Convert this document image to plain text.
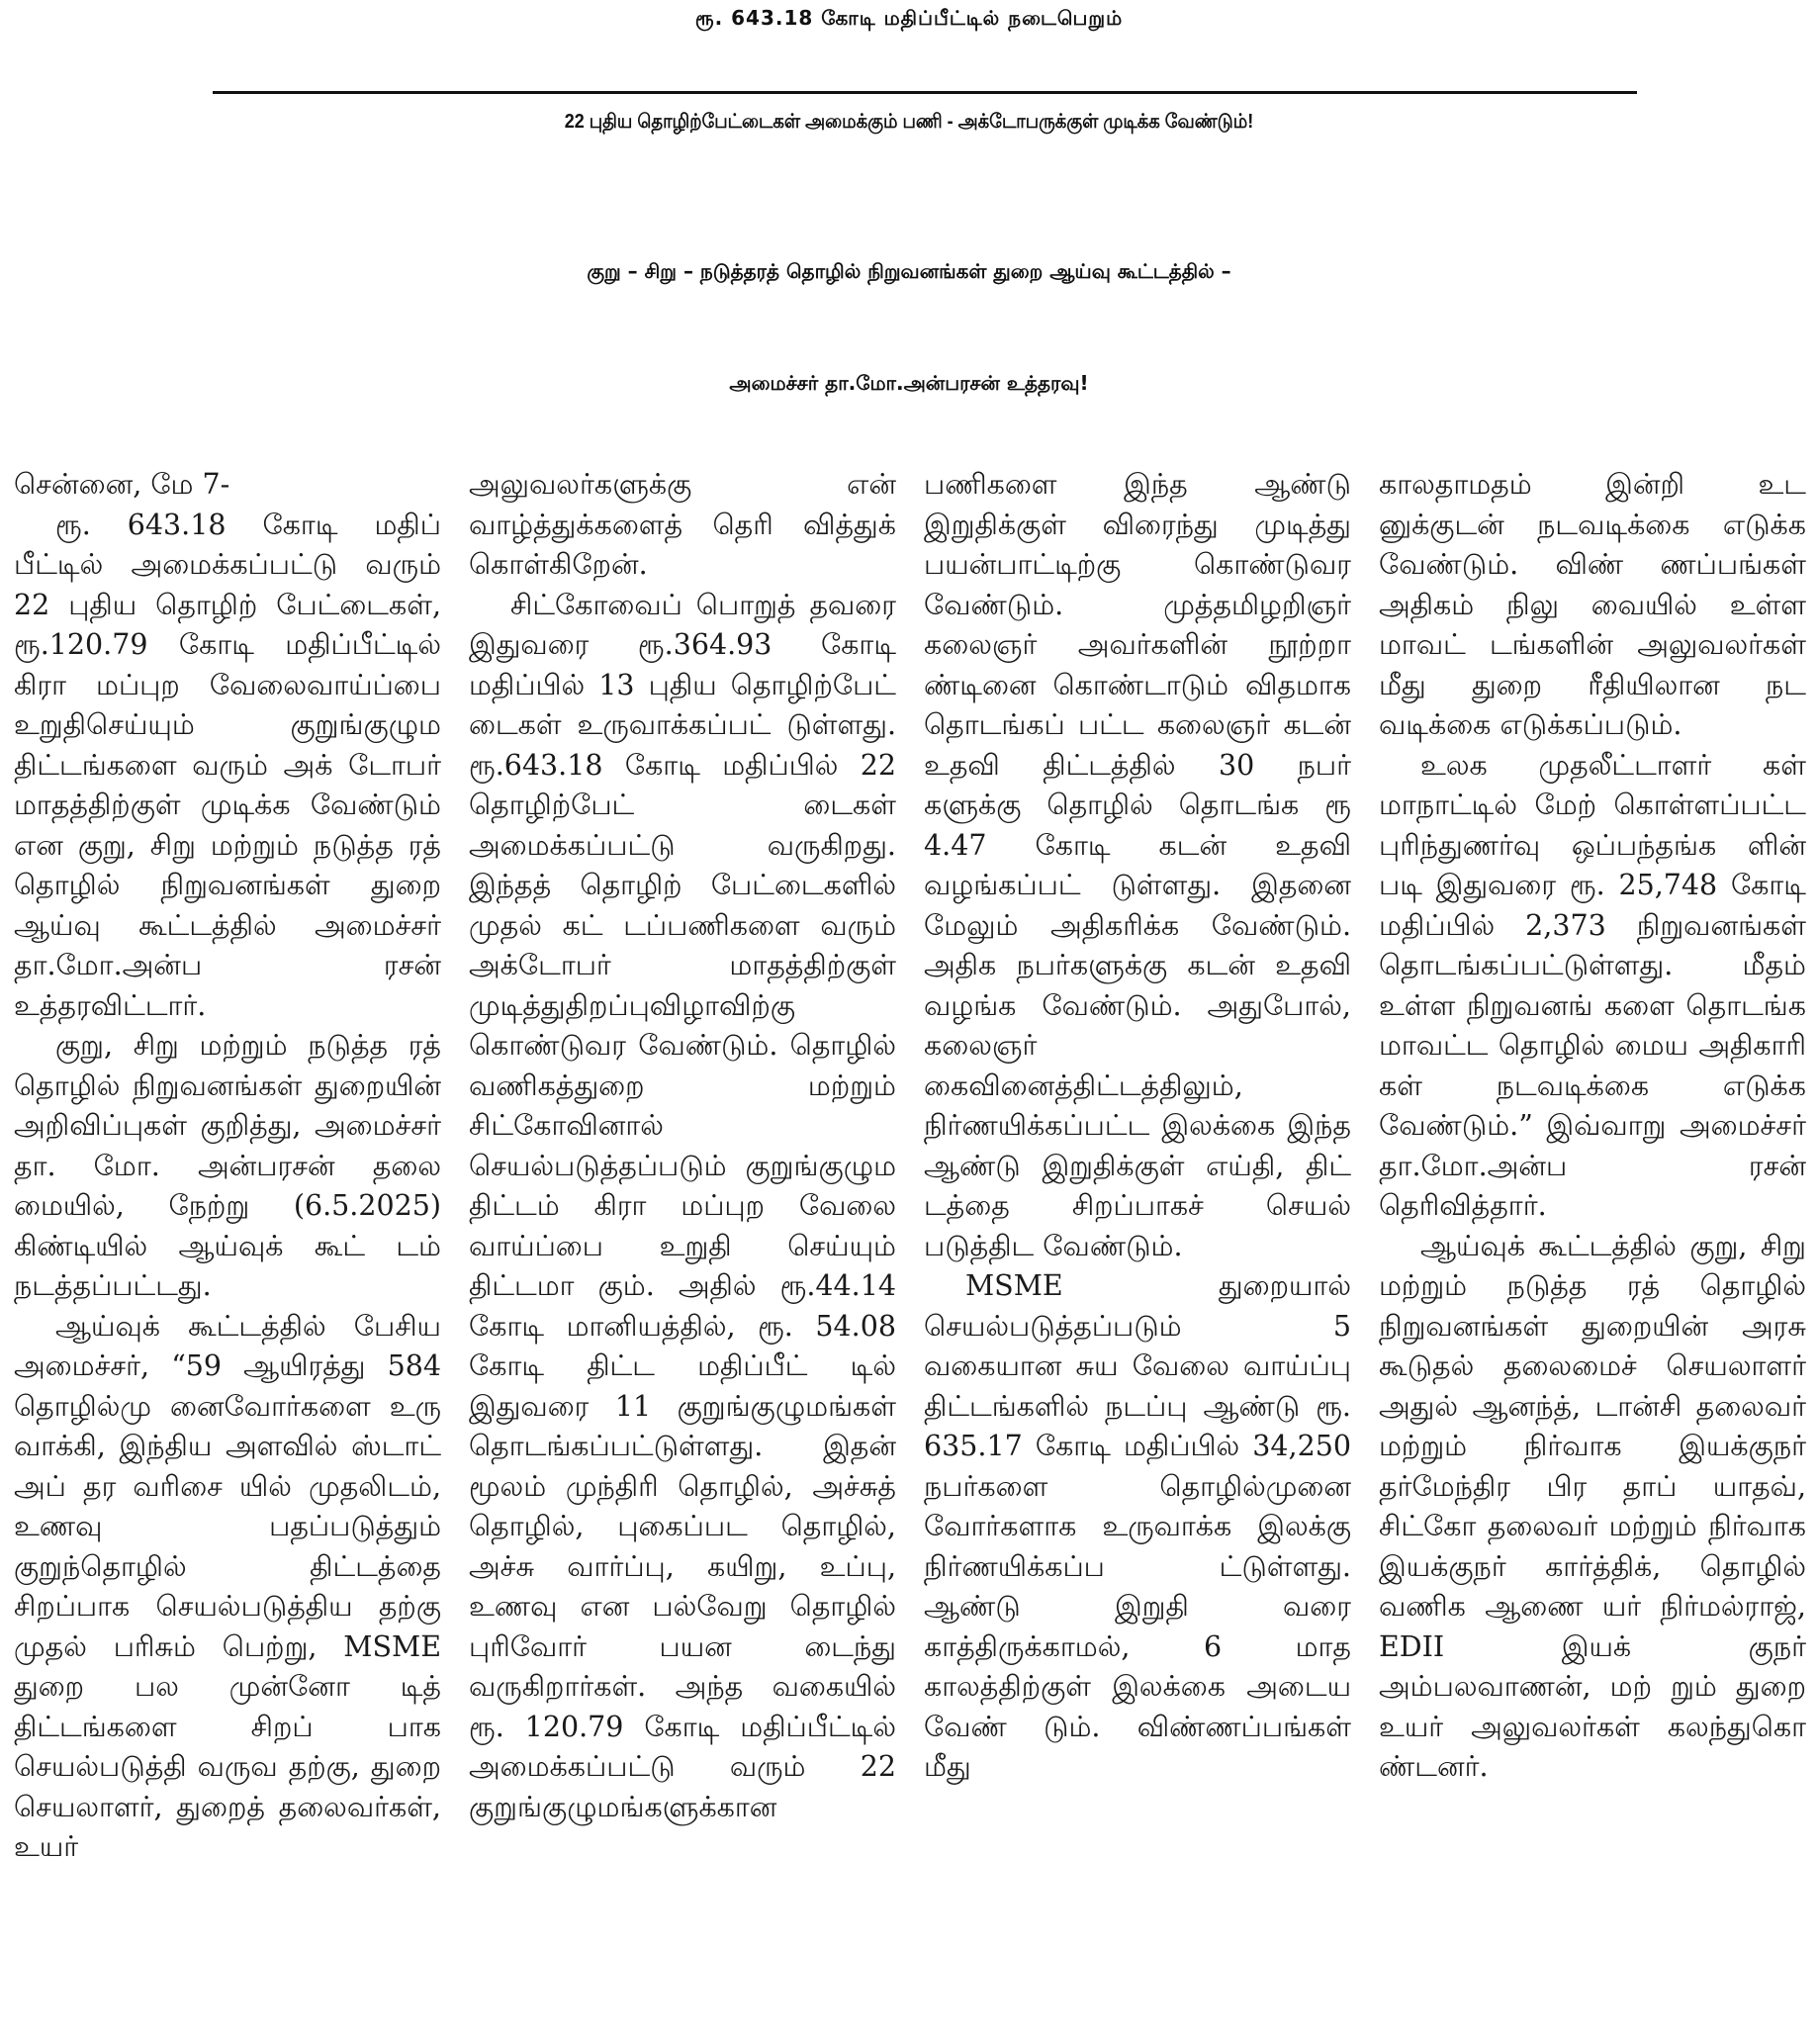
ரூ. 643.18 கோடி மதிப்பீட்டில் நடைபெறும்
22 புதிய தொழிற்பேட்டைகள் அமைக்கும் பணி - அக்டோபருக்குள் முடிக்க வேண்டும்!
குறு – சிறு – நடுத்தரத் தொழில் நிறுவனங்கள் துறை ஆய்வு கூட்டத்தில் –
அமைச்சர் தா.மோ.அன்பரசன் உத்தரவு!

சென்னை, மே 7-

ரூ. 643.18 கோடி மதிப் பீட்டில் அமைக்கப்பட்டு வரும் 22 புதிய தொழிற் பேட்டைகள், ரூ.120.79 கோடி மதிப்பீட்டில் கிரா மப்புற வேலைவாய்ப்பை உறுதிசெய்யும் குறுங்குழும திட்டங்களை வரும் அக் டோபர் மாதத்திற்குள் முடிக்க வேண்டும் என குறு, சிறு மற்றும் நடுத்த ரத் தொழில் நிறுவனங்கள் துறை ஆய்வு கூட்டத்தில் அமைச்சர் தா.மோ.அன்ப ரசன் உத்தரவிட்டார்.

குறு, சிறு மற்றும் நடுத்த ரத் தொழில் நிறுவனங்கள் துறையின் அறிவிப்புகள் குறித்து, அமைச்சர் தா. மோ. அன்பரசன் தலை மையில், நேற்று (6.5.2025) கிண்டியில் ஆய்வுக் கூட் டம் நடத்தப்பட்டது.

ஆய்வுக் கூட்டத்தில் பேசிய அமைச்சர், “59 ஆயிரத்து 584 தொழில்மு னைவோர்களை உரு வாக்கி, இந்திய அளவில் ஸ்டாட் அப் தர வரிசை யில் முதலிடம், உணவு பதப்படுத்தும் குறுந்தொழில் திட்டத்தை சிறப்பாக செயல்படுத்திய தற்கு முதல் பரிசும் பெற்று, MSME துறை பல முன்னோ டித் திட்டங்களை சிறப் பாக செயல்படுத்தி வருவ தற்கு, துறை செயலாளர், துறைத் தலைவர்கள், உயர்

அலுவலர்களுக்கு என் வாழ்த்துக்களைத் தெரி வித்துக் கொள்கிறேன்.

சிட்கோவைப் பொறுத் தவரை இதுவரை ரூ.364.93 கோடி மதிப்பில் 13 புதிய தொழிற்பேட் டைகள் உருவாக்கப்பட் டுள்ளது. ரூ.643.18 கோடி மதிப்பில் 22 தொழிற்பேட் டைகள் அமைக்கப்பட்டு வருகிறது. இந்தத் தொழிற் பேட்டைகளில் முதல் கட் டப்பணிகளை வரும் அக்டோபர் மாதத்திற்குள் முடித்துதிறப்புவிழாவிற்கு கொண்டுவர வேண்டும். தொழில் வணிகத்துறை மற்றும் சிட்கோவினால் செயல்படுத்தப்படும் குறுங்குழும திட்டம் கிரா மப்புற வேலை வாய்ப்பை உறுதி செய்யும் திட்டமா கும். அதில் ரூ.44.14 கோடி மானியத்தில், ரூ. 54.08 கோடி திட்ட மதிப்பீட் டில் இதுவரை 11 குறுங்குழுமங்கள் தொடங்கப்பட்டுள்ளது. இதன் மூலம் முந்திரி தொழில், அச்சுத் தொழில், புகைப்பட தொழில், அச்சு வார்ப்பு, கயிறு, உப்பு, உணவு என பல்வேறு தொழில் புரிவோர் பயன டைந்து வருகிறார்கள். அந்த வகையில் ரூ. 120.79 கோடி மதிப்பீட்டில் அமைக்கப்பட்டு வரும் 22 குறுங்குழுமங்களுக்கான

பணிகளை இந்த ஆண்டு இறுதிக்குள் விரைந்து முடித்து பயன்பாட்டிற்கு கொண்டுவர வேண்டும். முத்தமிழறிஞர் கலைஞர் அவர்களின் நூற்றா ண்டினை கொண்டாடும் விதமாக தொடங்கப் பட்ட கலைஞர் கடன் உதவி திட்டத்தில் 30 நபர் களுக்கு தொழில் தொடங்க ரூ 4.47 கோடி கடன் உதவி வழங்கப்பட் டுள்ளது. இதனை மேலும் அதிகரிக்க வேண்டும். அதிக நபர்களுக்கு கடன் உதவி வழங்க வேண்டும். அதுபோல், கலைஞர் கைவினைத்திட்டத்திலும், நிர்ணயிக்கப்பட்ட இலக்கை இந்த ஆண்டு இறுதிக்குள் எய்தி, திட் டத்தை சிறப்பாகச் செயல் படுத்திட வேண்டும்.

MSME துறையால் செயல்படுத்தப்படும் 5 வகையான சுய வேலை வாய்ப்பு திட்டங்களில் நடப்பு ஆண்டு ரூ. 635.17 கோடி மதிப்பில் 34,250 நபர்களை தொழில்முனை வோர்களாக உருவாக்க இலக்கு நிர்ணயிக்கப்ப ட்டுள்ளது. ஆண்டு இறுதி வரை காத்திருக்காமல், 6 மாத காலத்திற்குள் இலக்கை அடைய வேண் டும். விண்ணப்பங்கள் மீது

காலதாமதம் இன்றி உட னுக்குடன் நடவடிக்கை எடுக்க வேண்டும். விண் ணப்பங்கள் அதிகம் நிலு வையில் உள்ள மாவட் டங்களின் அலுவலர்கள் மீது துறை ரீதியிலான நட வடிக்கை எடுக்கப்படும்.

உலக முதலீட்டாளர் கள் மாநாட்டில் மேற் கொள்ளப்பட்ட புரிந்துணர்வு ஒப்பந்தங்க ளின் படி இதுவரை ரூ. 25,748 கோடி மதிப்பில் 2,373 நிறுவனங்கள் தொடங்கப்பட்டுள்ளது. மீதம் உள்ள நிறுவனங் களை தொடங்க மாவட்ட தொழில் மைய அதிகாரி கள் நடவடிக்கை எடுக்க வேண்டும்.” இவ்வாறு அமைச்சர் தா.மோ.அன்ப ரசன் தெரிவித்தார்.

ஆய்வுக் கூட்டத்தில் குறு, சிறு மற்றும் நடுத்த ரத் தொழில் நிறுவனங்கள் துறையின் அரசு கூடுதல் தலைமைச் செயலாளர் அதுல் ஆனந்த், டான்சி தலைவர் மற்றும் நிர்வாக இயக்குநர் தர்மேந்திர பிர தாப் யாதவ், சிட்கோ தலைவர் மற்றும் நிர்வாக இயக்குநர் கார்த்திக், தொழில் வணிக ஆணை யர் நிர்மல்ராஜ், EDII இயக் குநர் அம்பலவாணன், மற் றும் துறை உயர் அலுவலர்கள் கலந்துகொ ண்டனர்.
